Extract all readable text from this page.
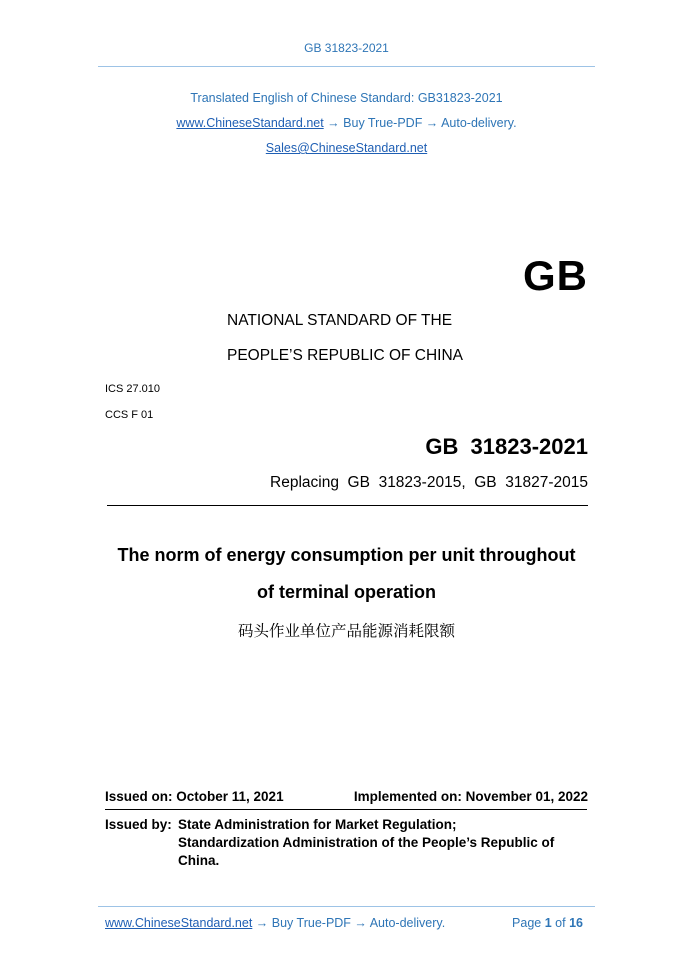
GB 31823-2021
Translated English of Chinese Standard: GB31823-2021
www.ChineseStandard.net → Buy True-PDF → Auto-delivery.
Sales@ChineseStandard.net
GB
NATIONAL STANDARD OF THE
PEOPLE’S REPUBLIC OF CHINA
ICS 27.010
CCS F 01
GB  31823-2021
Replacing  GB  31823-2015,  GB  31827-2015
The norm of energy consumption per unit throughout
of terminal operation
码头作业单位产品能源消耗限额
Issued on: October 11, 2021	Implemented on: November 01, 2022
Issued by: State Administration for Market Regulation;
Standardization Administration of the People’s Republic of
China.
www.ChineseStandard.net → Buy True-PDF → Auto-delivery.	Page 1 of 16
